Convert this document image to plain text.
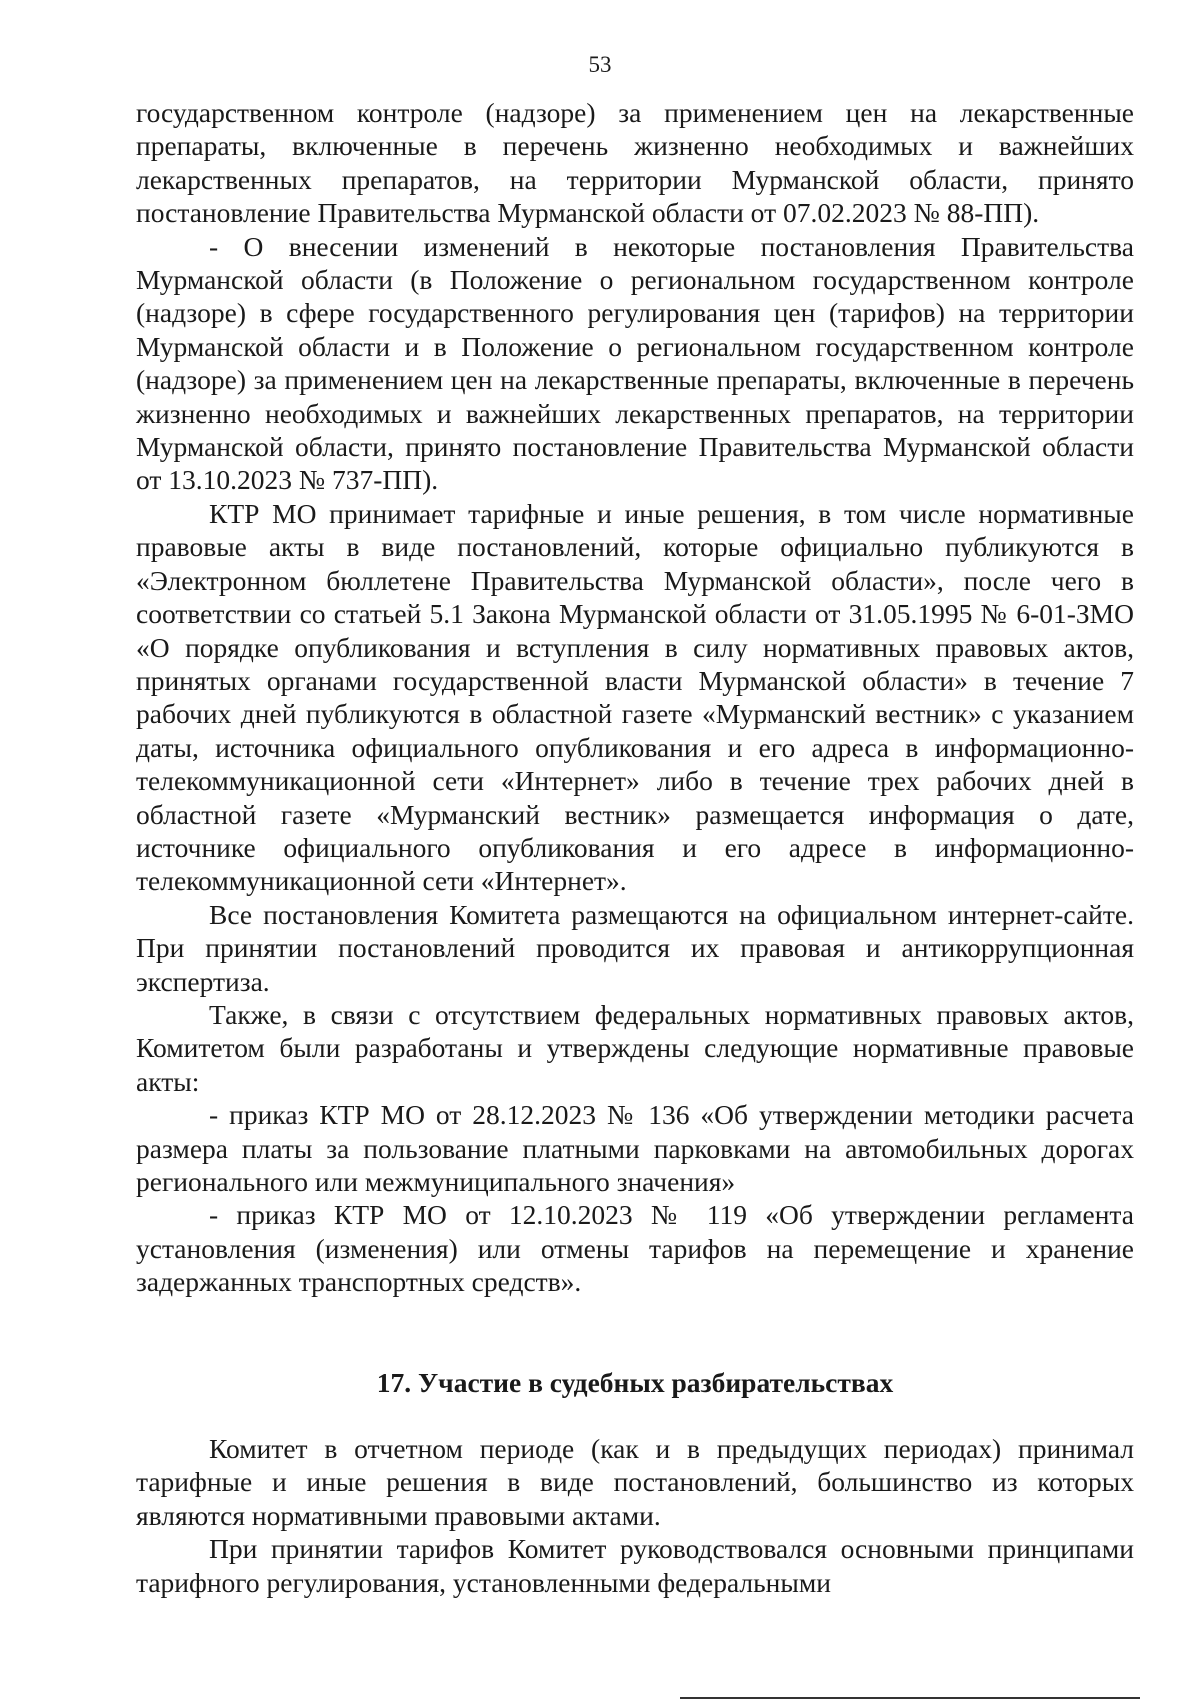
53

государственном контроле (надзоре) за применением цен на лекарственные препараты, включенные в перечень жизненно необходимых и важнейших лекарственных препаратов, на территории Мурманской области, принято постановление Правительства Мурманской области от 07.02.2023 № 88-ПП).

- О внесении изменений в некоторые постановления Правительства Мурманской области (в Положение о региональном государственном контроле (надзоре) в сфере государственного регулирования цен (тарифов) на территории Мурманской области и в Положение о региональном государственном контроле (надзоре) за применением цен на лекарственные препараты, включенные в перечень жизненно необходимых и важнейших лекарственных препаратов, на территории Мурманской области, принято постановление Правительства Мурманской области от 13.10.2023 № 737-ПП).

КТР МО принимает тарифные и иные решения, в том числе нормативные правовые акты в виде постановлений, которые официально публикуются в «Электронном бюллетене Правительства Мурманской области», после чего в соответствии со статьей 5.1 Закона Мурманской области от 31.05.1995 № 6-01-ЗМО «О порядке опубликования и вступления в силу нормативных правовых актов, принятых органами государственной власти Мурманской области» в течение 7 рабочих дней публикуются в областной газете «Мурманский вестник» с указанием даты, источника официального опубликования и его адреса в информационно-телекоммуникационной сети «Интернет» либо в течение трех рабочих дней в областной газете «Мурманский вестник» размещается информация о дате, источнике официального опубликования и его адресе в информационно-телекоммуникационной сети «Интернет».

Все постановления Комитета размещаются на официальном интернет-сайте. При принятии постановлений проводится их правовая и антикоррупционная экспертиза.

Также, в связи с отсутствием федеральных нормативных правовых актов, Комитетом были разработаны и утверждены следующие нормативные правовые акты:

- приказ КТР МО от 28.12.2023 № 136 «Об утверждении методики расчета размера платы за пользование платными парковками на автомобильных дорогах регионального или межмуниципального значения»

- приказ КТР МО от 12.10.2023 № 119 «Об утверждении регламента установления (изменения) или отмены тарифов на перемещение и хранение задержанных транспортных средств».

17. Участие в судебных разбирательствах

Комитет в отчетном периоде (как и в предыдущих периодах) принимал тарифные и иные решения в виде постановлений, большинство из которых являются нормативными правовыми актами.

При принятии тарифов Комитет руководствовался основными принципами тарифного регулирования, установленными федеральными
